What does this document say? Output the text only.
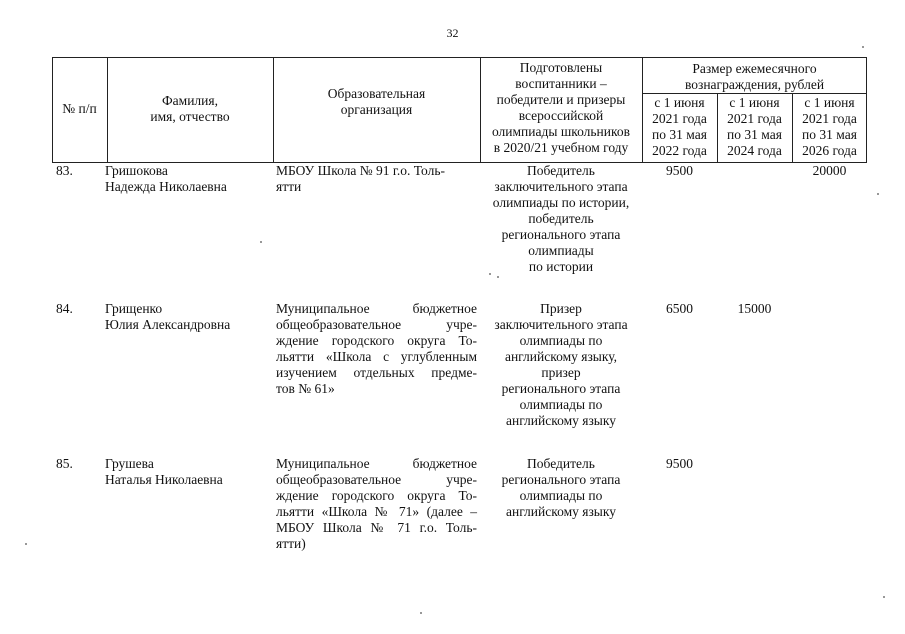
32
№ п/п
Фамилия,
имя, отчество
Образовательная
организация
Подготовлены
воспитанники –
победители и призеры
всероссийской
олимпиады школьников
в 2020/21 учебном году
Размер ежемесячного
вознаграждения, рублей
с 1 июня
2021 года
по 31 мая
2022 года
с 1 июня
2021 года
по 31 мая
2024 года
с 1 июня
2021 года
по 31 мая
2026 года
83. Гришокова
Надежда Николаевна
МБОУ Школа № 91 г.о. Толь-
ятти
Победитель
заключительного этапа
олимпиады по истории,
победитель
регионального этапа
олимпиады
по истории
9500	20000
84. Грищенко
Юлия Александровна
Муниципальное бюджетное
общеобразовательное учре-
ждение городского округа То-
льятти «Школа с углубленным
изучением отдельных предме-
тов № 61»
Призер
заключительного этапа
олимпиады по
английскому языку,
призер
регионального этапа
олимпиады по
английскому языку
6500	15000
85. Грушева
Наталья Николаевна
Муниципальное бюджетное
общеобразовательное учре-
ждение городского округа То-
льятти «Школа № 71» (далее –
МБОУ Школа № 71 г.о. Толь-
ятти)
Победитель
регионального этапа
олимпиады по
английскому языку
9500
